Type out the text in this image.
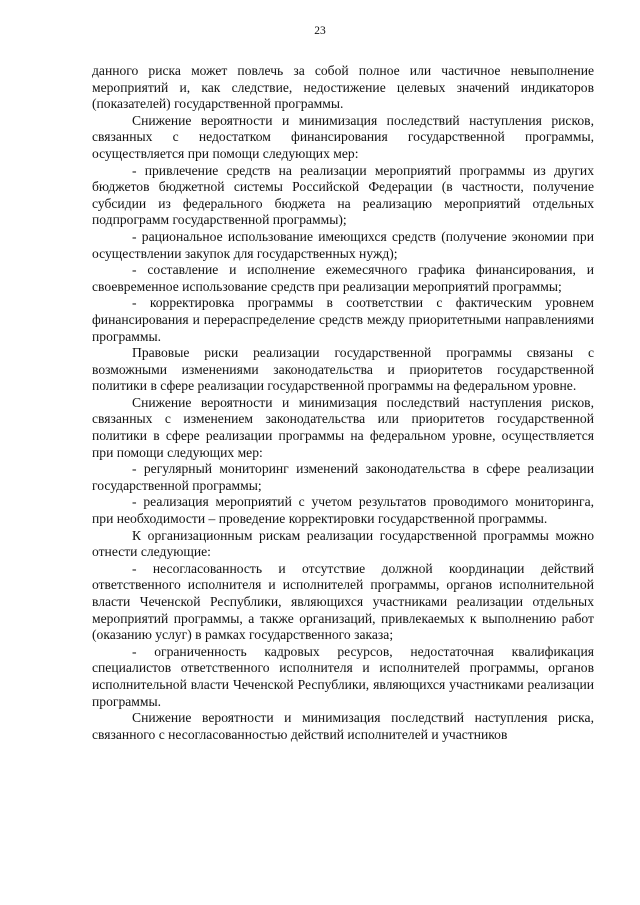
23

данного риска может повлечь за собой полное или частичное невыполнение мероприятий и, как следствие, недостижение целевых значений индикаторов (показателей) государственной программы.

Снижение вероятности и минимизация последствий наступления рисков, связанных с недостатком финансирования государственной программы, осуществляется при помощи следующих мер:

- привлечение средств на реализации мероприятий программы из других бюджетов бюджетной системы Российской Федерации (в частности, получение субсидии из федерального бюджета на реализацию мероприятий отдельных подпрограмм государственной программы);

- рациональное использование имеющихся средств (получение экономии при осуществлении закупок для государственных нужд);

- составление и исполнение ежемесячного графика финансирования, и своевременное использование средств при реализации мероприятий программы;

- корректировка программы в соответствии с фактическим уровнем финансирования и перераспределение средств между приоритетными направлениями программы.

Правовые риски реализации государственной программы связаны с возможными изменениями законодательства и приоритетов государственной политики в сфере реализации государственной программы на федеральном уровне.

Снижение вероятности и минимизация последствий наступления рисков, связанных с изменением законодательства или приоритетов государственной политики в сфере реализации программы на федеральном уровне, осуществляется при помощи следующих мер:

- регулярный мониторинг изменений законодательства в сфере реализации государственной программы;

- реализация мероприятий с учетом результатов проводимого мониторинга, при необходимости – проведение корректировки государственной программы.

К организационным рискам реализации государственной программы можно отнести следующие:

- несогласованность и отсутствие должной координации действий ответственного исполнителя и исполнителей программы, органов исполнительной власти Чеченской Республики, являющихся участниками реализации отдельных мероприятий программы, а также организаций, привлекаемых к выполнению работ (оказанию услуг) в рамках государственного заказа;

- ограниченность кадровых ресурсов, недостаточная квалификация специалистов ответственного исполнителя и исполнителей программы, органов исполнительной власти Чеченской Республики, являющихся участниками реализации программы.

Снижение вероятности и минимизация последствий наступления риска, связанного с несогласованностью действий исполнителей и участников
